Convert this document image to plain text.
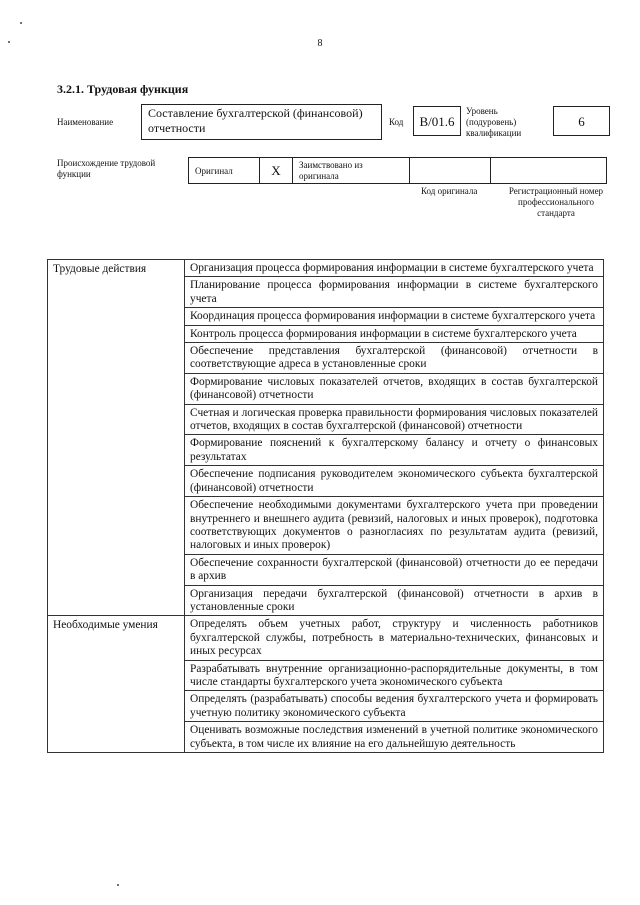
8
3.2.1. Трудовая функция
Наименование
Составление бухгалтерской (финансовой) отчетности	Код	B/01.6
Уровень (подуровень) квалификации
6
Происхождение трудовой функции	Оригинал	X	Заимствовано из оригинала		
Код оригинала	Регистрационный номер профессионального стандарта
Трудовые действия	Организация процесса формирования информации в системе бухгалтерского учета
	Планирование процесса формирования информации в системе бухгалтерского учета
	Координация процесса формирования информации в системе бухгалтерского учета
	Контроль процесса формирования информации в системе бухгалтерского учета
	Обеспечение представления бухгалтерской (финансовой) отчетности в соответствующие адреса в установленные сроки
	Формирование числовых показателей отчетов, входящих в состав бухгалтерской (финансовой) отчетности
	Счетная и логическая проверка правильности формирования числовых показателей отчетов, входящих в состав бухгалтерской (финансовой) отчетности
	Формирование пояснений к бухгалтерскому балансу и отчету о финансовых результатах
	Обеспечение подписания руководителем экономического субъекта бухгалтерской (финансовой) отчетности
	Обеспечение необходимыми документами бухгалтерского учета при проведении внутреннего и внешнего аудита (ревизий, налоговых и иных проверок), подготовка соответствующих документов о разногласиях по результатам аудита (ревизий, налоговых и иных проверок)
	Обеспечение сохранности бухгалтерской (финансовой) отчетности до ее передачи в архив
	Организация передачи бухгалтерской (финансовой) отчетности в архив в установленные сроки
Необходимые умения	Определять объем учетных работ, структуру и численность работников бухгалтерской службы, потребность в материально-технических, финансовых и иных ресурсах
	Разрабатывать внутренние организационно-распорядительные документы, в том числе стандарты бухгалтерского учета экономического субъекта
	Определять (разрабатывать) способы ведения бухгалтерского учета и формировать учетную политику экономического субъекта
	Оценивать возможные последствия изменений в учетной политике экономического субъекта, в том числе их влияние на его дальнейшую деятельность
